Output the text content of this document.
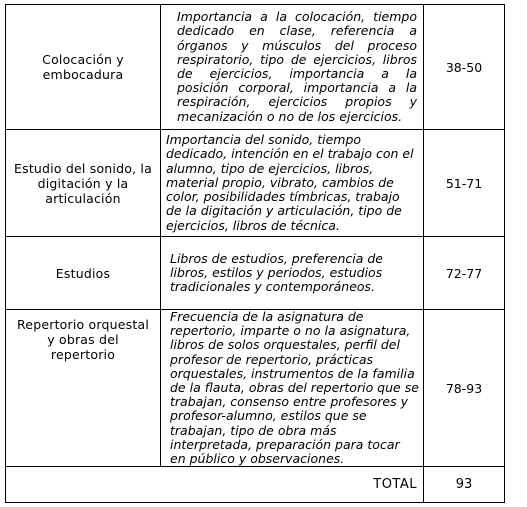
Colocación y embocadura	Importancia a la colocación, tiempo dedicado en clase, referencia a órganos y músculos del proceso respiratorio, tipo de ejercicios, libros de ejercicios, importancia a la posición corporal, importancia a la respiración, ejercicios propios y mecanización o no de los ejercicios.	38-50

Estudio del sonido, la digitación y la articulación	Importancia del sonido, tiempo dedicado, intención en el trabajo con el alumno, tipo de ejercicios, libros, material propio, vibrato, cambios de color, posibilidades tímbricas, trabajo de la digitación y articulación, tipo de ejercicios, libros de técnica.	51-71

Estudios	Libros de estudios, preferencia de libros, estilos y periodos, estudios tradicionales y contemporáneos.	72-77

Repertorio orquestal y obras del repertorio	Frecuencia de la asignatura de repertorio, imparte o no la asignatura, libros de solos orquestales, perfil del profesor de repertorio, prácticas orquestales, instrumentos de la familia de la flauta, obras del repertorio que se trabajan, consenso entre profesores y profesor-alumno, estilos que se trabajan, tipo de obra más interpretada, preparación para tocar en público y observaciones.	78-93
TOTAL		93
